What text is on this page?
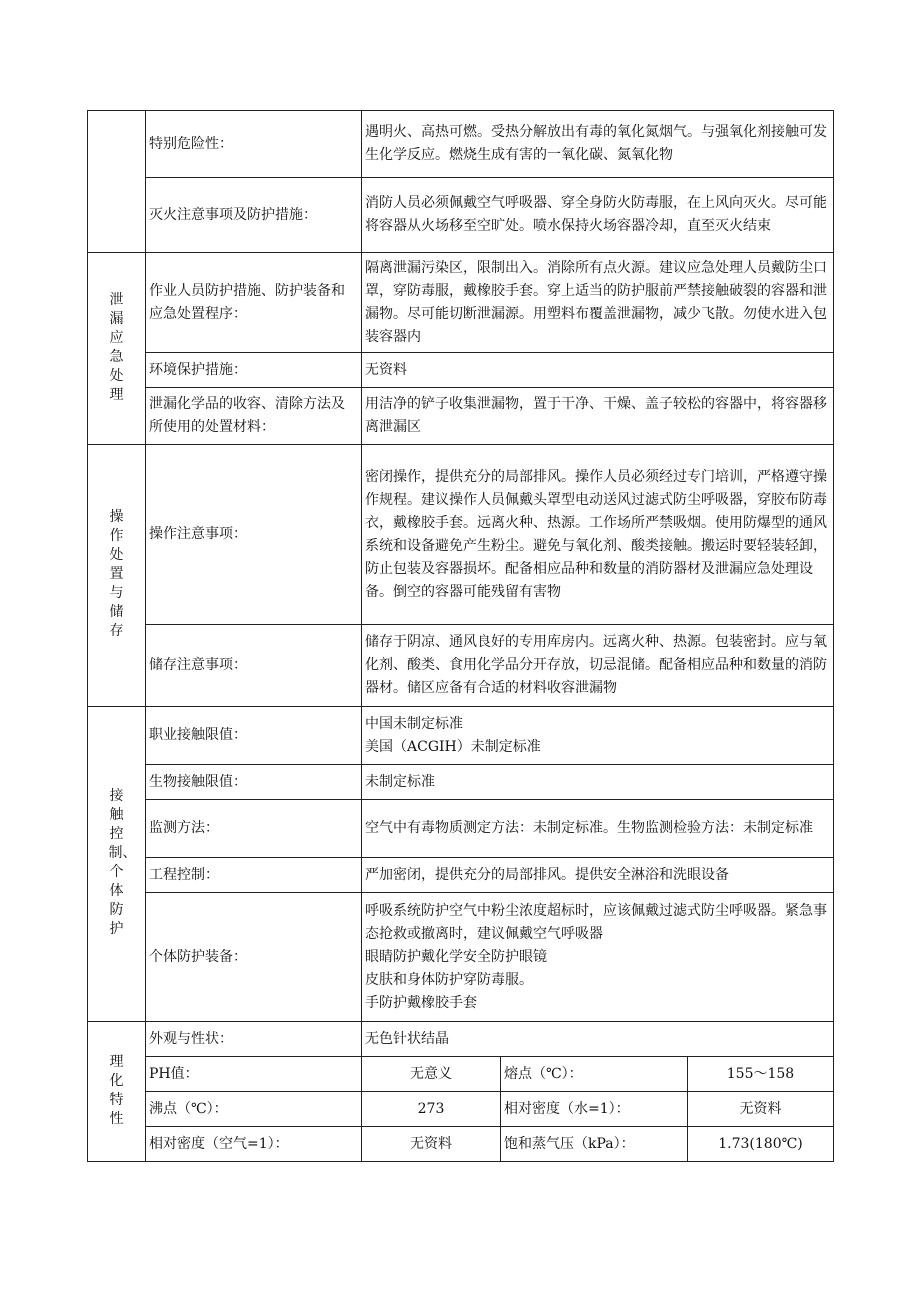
	特别危险性：	遇明火、高热可燃。受热分解放出有毒的氧化氮烟气。与强氧化剂接触可发生化学反应。燃烧生成有害的一氧化碳、氮氧化物		
	灭火注意事项及防护措施：	消防人员必须佩戴空气呼吸器、穿全身防火防毒服，在上风向灭火。尽可能将容器从火场移至空旷处。喷水保持火场容器冷却，直至灭火结束		
泄漏应急处理	作业人员防护措施、防护装备和应急处置程序：	隔离泄漏污染区，限制出入。消除所有点火源。建议应急处理人员戴防尘口罩，穿防毒服，戴橡胶手套。穿上适当的防护服前严禁接触破裂的容器和泄漏物。尽可能切断泄漏源。用塑料布覆盖泄漏物，减少飞散。勿使水进入包装容器内		
	环境保护措施：	无资料		
	泄漏化学品的收容、清除方法及所使用的处置材料：	用洁净的铲子收集泄漏物，置于干净、干燥、盖子较松的容器中，将容器移离泄漏区		
操作处置与储存	操作注意事项：	密闭操作，提供充分的局部排风。操作人员必须经过专门培训，严格遵守操作规程。建议操作人员佩戴头罩型电动送风过滤式防尘呼吸器，穿胶布防毒衣，戴橡胶手套。远离火种、热源。工作场所严禁吸烟。使用防爆型的通风系统和设备避免产生粉尘。避免与氧化剂、酸类接触。搬运时要轻装轻卸，防止包装及容器损坏。配备相应品种和数量的消防器材及泄漏应急处理设备。倒空的容器可能残留有害物		
	储存注意事项：	储存于阴凉、通风良好的专用库房内。远离火种、热源。包装密封。应与氧化剂、酸类、食用化学品分开存放，切忌混储。配备相应品种和数量的消防器材。储区应备有合适的材料收容泄漏物		
接触控制、个体防护	职业接触限值：	中国未制定标准
美国（ACGIH）未制定标准		

	生物接触限值：	未制定标准		
	监测方法：	空气中有毒物质测定方法：未制定标准。生物监测检验方法：未制定标准		
	工程控制：	严加密闭，提供充分的局部排风。提供安全淋浴和洗眼设备		
	个体防护装备：	呼吸系统防护空气中粉尘浓度超标时，应该佩戴过滤式防尘呼吸器。紧急事态抢救或撤离时，建议佩戴空气呼吸器
眼睛防护戴化学安全防护眼镜
皮肤和身体防护穿防毒服。
手防护戴橡胶手套		

理化特性	外观与性状：	无色针状结晶		
	PH值：	无意义	熔点（℃）：	155～158
	沸点（℃）：	273	相对密度（水=1）：	无资料
	相对密度（空气=1）：	无资料	饱和蒸气压（kPa）：	1.73(180℃)
